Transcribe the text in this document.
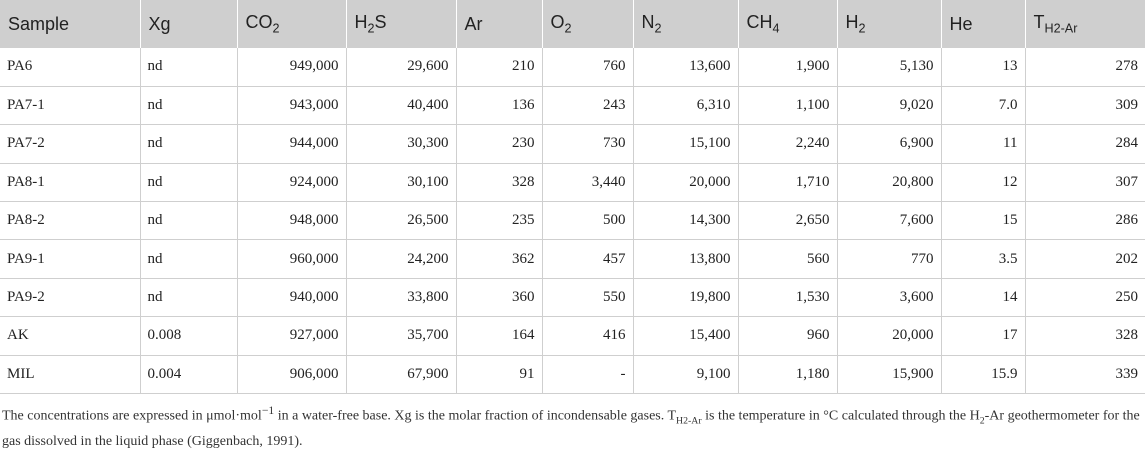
Sample	Xg	$CO_2$	$H_2S$	Ar	$O_2$	$N_2$	$CH_4$	$H_2$	He	$T_{H2-Ar}$
PA6	nd	949,000	29,600	210	760	13,600	1,900	5,130	13	278
PA7-1	nd	943,000	40,400	136	243	6,310	1,100	9,020	7.0	309
PA7-2	nd	944,000	30,300	230	730	15,100	2,240	6,900	11	284
PA8-1	nd	924,000	30,100	328	3,440	20,000	1,710	20,800	12	307
PA8-2	nd	948,000	26,500	235	500	14,300	2,650	7,600	15	286
PA9-1	nd	960,000	24,200	362	457	13,800	560	770	3.5	202
PA9-2	nd	940,000	33,800	360	550	19,800	1,530	3,600	14	250
AK	0.008	927,000	35,700	164	416	15,400	960	20,000	17	328
MIL	0.004	906,000	67,900	91	-	9,100	1,180	15,900	15.9	339
The concentrations are expressed in μmol·mol$^{-1}$ in a water-free base. Xg is the molar fraction of incondensable gases. $T_{H2-Ar}$ is the temperature in °C calculated through the $H_2-Ar$ geothermometer for the gas dissolved in the liquid phase (Giggenbach, 1991).
